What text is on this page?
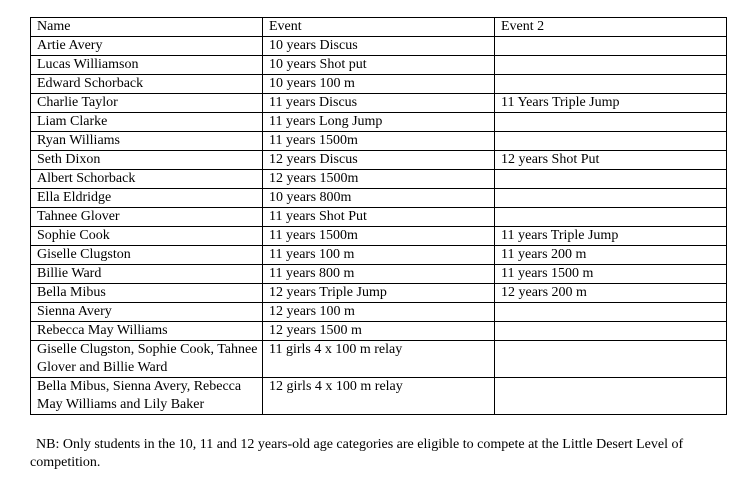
Name	Event	Event 2
Artie Avery	10 years Discus	
Lucas Williamson	10 years Shot put	
Edward Schorback	10 years 100 m	
Charlie Taylor	11 years Discus	11 Years Triple Jump
Liam Clarke	11 years Long Jump	
Ryan Williams	11 years 1500m	
Seth Dixon	12 years Discus	12 years Shot Put
Albert Schorback	12 years 1500m	
Ella Eldridge	10 years 800m	
Tahnee Glover	11 years Shot Put	
Sophie Cook	11 years 1500m	11 years Triple Jump
Giselle Clugston	11 years 100 m	11 years 200 m
Billie Ward	11 years 800 m	11 years 1500 m
Bella Mibus	12 years Triple Jump	12 years 200 m
Sienna Avery	12 years 100 m	
Rebecca May Williams	12 years 1500 m	
Giselle Clugston, Sophie Cook, Tahnee Glover and Billie Ward	11 girls 4 x 100 m relay	
Bella Mibus, Sienna Avery, Rebecca May Williams and Lily Baker	12 girls 4 x 100 m relay	
NB: Only students in the 10, 11 and 12 years-old age categories are eligible to compete at the Little Desert Level of competition.
